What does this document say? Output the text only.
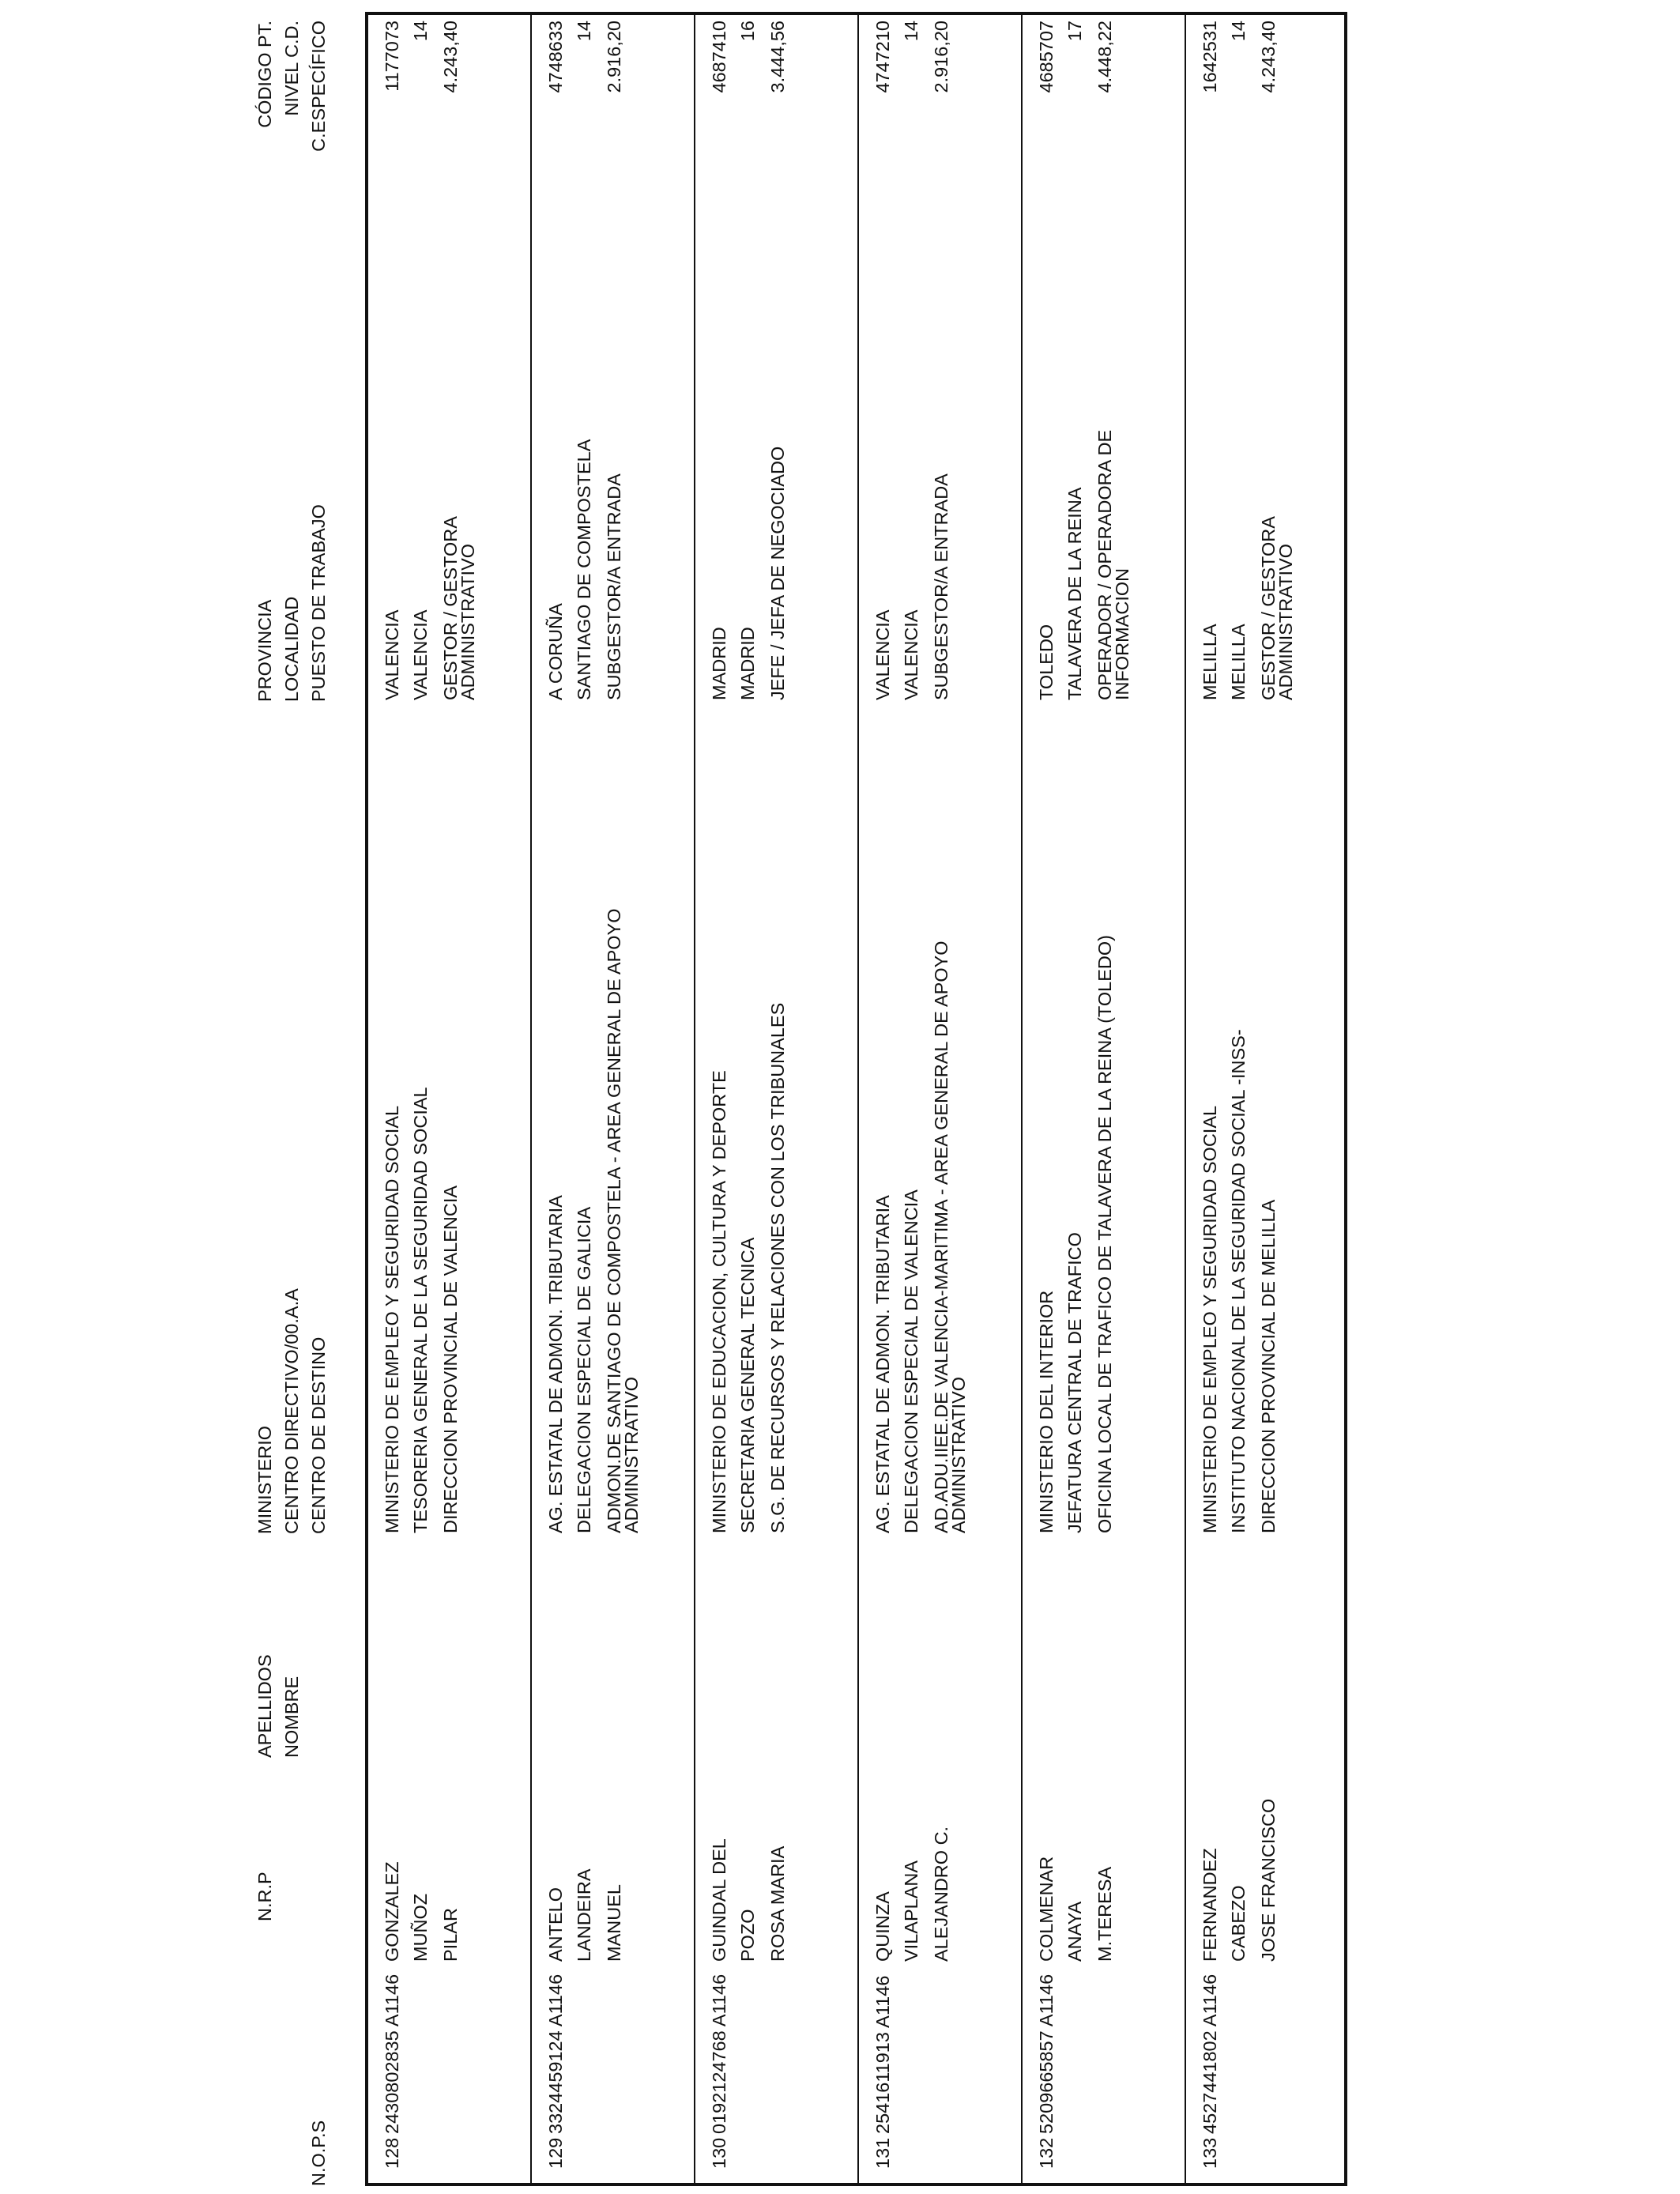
N.O.P.S
N.R.P
APELLIDOS NOMBRE
MINISTERIO CENTRO DIRECTIVO/00.A.A CENTRO DE DESTINO
PROVINCIA LOCALIDAD PUESTO DE TRABAJO
CÓDIGO PT. NIVEL C.D. C.ESPECÍFICO
128
2430802835 A1146
GONZALEZ MUÑOZ PILAR
MINISTERIO DE EMPLEO Y SEGURIDAD SOCIAL TESORERIA GENERAL DE LA SEGURIDAD SOCIAL DIRECCION PROVINCIAL DE VALENCIA
VALENCIA VALENCIA GESTOR / GESTORA
ADMINISTRATIVO
1177073 14 4.243,40
129
3324459124 A1146
ANTELO LANDEIRA MANUEL
AG. ESTATAL DE ADMON. TRIBUTARIA DELEGACION ESPECIAL DE GALICIA ADMON.DE SANTIAGO DE COMPOSTELA - AREA GENERAL DE APOYO
ADMINISTRATIVO
A CORUÑA SANTIAGO DE COMPOSTELA SUBGESTOR/A ENTRADA
4748633 14 2.916,20
130
0192124768 A1146
GUINDAL DEL POZO ROSA MARIA
MINISTERIO DE EDUCACION, CULTURA Y DEPORTE SECRETARIA GENERAL TECNICA S.G. DE RECURSOS Y RELACIONES CON LOS TRIBUNALES
MADRID MADRID JEFE / JEFA DE NEGOCIADO
4687410 16 3.444,56
131
2541611913 A1146
QUINZA VILAPLANA ALEJANDRO C.
AG. ESTATAL DE ADMON. TRIBUTARIA DELEGACION ESPECIAL DE VALENCIA AD.ADU.IIEE.DE VALENCIA-MARITIMA - AREA GENERAL DE APOYO
ADMINISTRATIVO
VALENCIA VALENCIA SUBGESTOR/A ENTRADA
4747210 14 2.916,20
132
5209665857 A1146
COLMENAR ANAYA M.TERESA
MINISTERIO DEL INTERIOR JEFATURA CENTRAL DE TRAFICO OFICINA LOCAL DE TRAFICO DE TALAVERA DE LA REINA (TOLEDO)
TOLEDO TALAVERA DE LA REINA OPERADOR / OPERADORA DE
INFORMACION
4685707 17 4.448,22
133
4527441802 A1146
FERNANDEZ CABEZO JOSE FRANCISCO
MINISTERIO DE EMPLEO Y SEGURIDAD SOCIAL INSTITUTO NACIONAL DE LA SEGURIDAD SOCIAL -INSS- DIRECCION PROVINCIAL DE MELILLA
MELILLA MELILLA GESTOR / GESTORA
ADMINISTRATIVO
1642531 14 4.243,40
